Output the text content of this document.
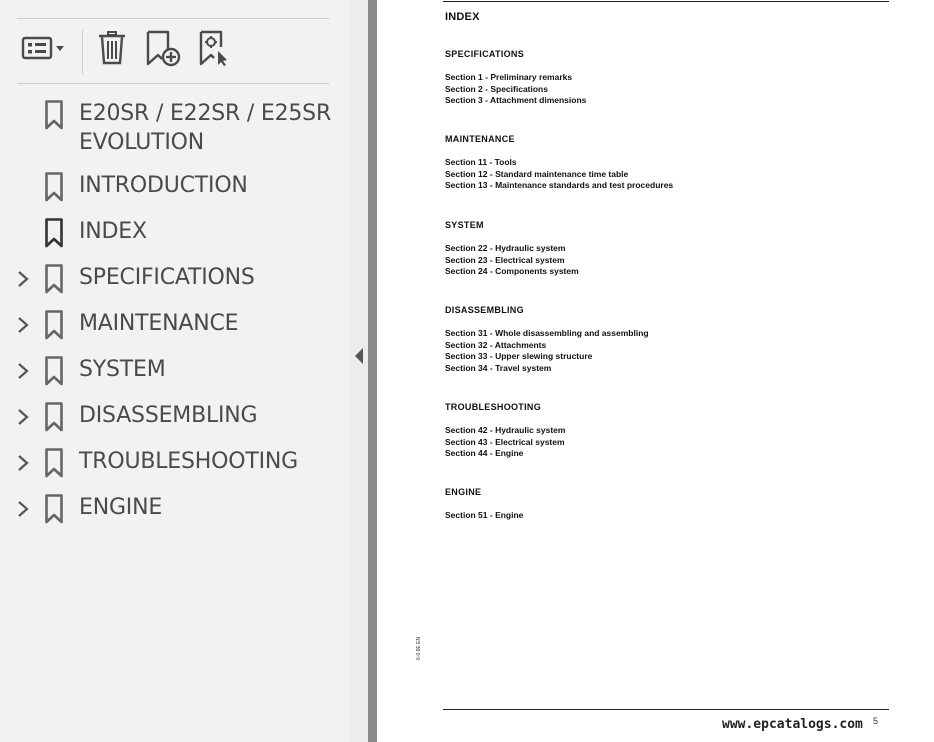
E20SR / E22SR / E25SR EVOLUTION
INTRODUCTION
INDEX
SPECIFICATIONS
MAINTENANCE
SYSTEM
DISASSEMBLING
TROUBLESHOOTING
ENGINE
INDEX
SPECIFICATIONS
Section 1 - Preliminary remarks
Section 2 - Specifications
Section 3 - Attachment dimensions
MAINTENANCE
Section 11 - Tools
Section 12 - Standard maintenance time table
Section 13 - Maintenance standards and test procedures
SYSTEM
Section 22 - Hydraulic system
Section 23 - Electrical system
Section 24 - Components system
DISASSEMBLING
Section 31 - Whole disassembling and assembling
Section 32 - Attachments
Section 33 - Upper slewing structure
Section 34 - Travel system
TROUBLESHOOTING
Section 42 - Hydraulic system
Section 43 - Electrical system
Section 44 - Engine
ENGINE
Section 51 - Engine
6-0 6E EN
www.epcatalogs.com 5
